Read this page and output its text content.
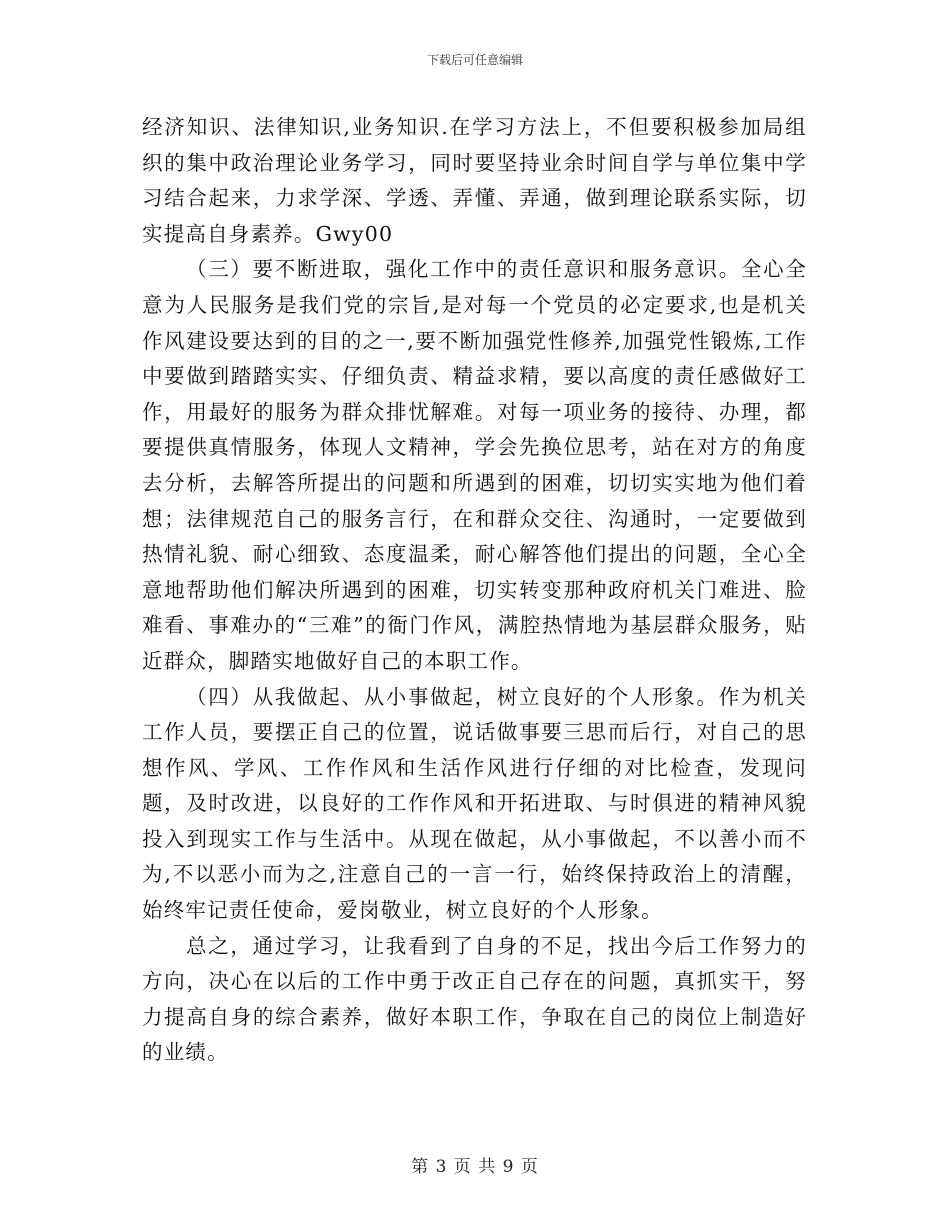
下载后可任意编辑

经济知识、法律知识,业务知识.在学习方法上，不但要积极参加局组织的集中政治理论业务学习，同时要坚持业余时间自学与单位集中学习结合起来，力求学深、学透、弄懂、弄通，做到理论联系实际，切实提高自身素养。Gwy00

（三）要不断进取，强化工作中的责任意识和服务意识。全心全意为人民服务是我们党的宗旨,是对每一个党员的必定要求,也是机关作风建设要达到的目的之一,要不断加强党性修养,加强党性锻炼,工作中要做到踏踏实实、仔细负责、精益求精，要以高度的责任感做好工作，用最好的服务为群众排忧解难。对每一项业务的接待、办理，都要提供真情服务，体现人文精神，学会先换位思考，站在对方的角度去分析，去解答所提出的问题和所遇到的困难，切切实实地为他们着想；法律规范自己的服务言行，在和群众交往、沟通时，一定要做到热情礼貌、耐心细致、态度温柔，耐心解答他们提出的问题，全心全意地帮助他们解决所遇到的困难，切实转变那种政府机关门难进、脸难看、事难办的“三难”的衙门作风，满腔热情地为基层群众服务，贴近群众，脚踏实地做好自己的本职工作。

（四）从我做起、从小事做起，树立良好的个人形象。作为机关工作人员，要摆正自己的位置，说话做事要三思而后行，对自己的思想作风、学风、工作作风和生活作风进行仔细的对比检查，发现问题，及时改进，以良好的工作作风和开拓进取、与时俱进的精神风貌投入到现实工作与生活中。从现在做起，从小事做起，不以善小而不为,不以恶小而为之,注意自己的一言一行，始终保持政治上的清醒，始终牢记责任使命，爱岗敬业，树立良好的个人形象。

总之，通过学习，让我看到了自身的不足，找出今后工作努力的方向，决心在以后的工作中勇于改正自己存在的问题，真抓实干，努力提高自身的综合素养，做好本职工作，争取在自己的岗位上制造好的业绩。

第 3 页 共 9 页
